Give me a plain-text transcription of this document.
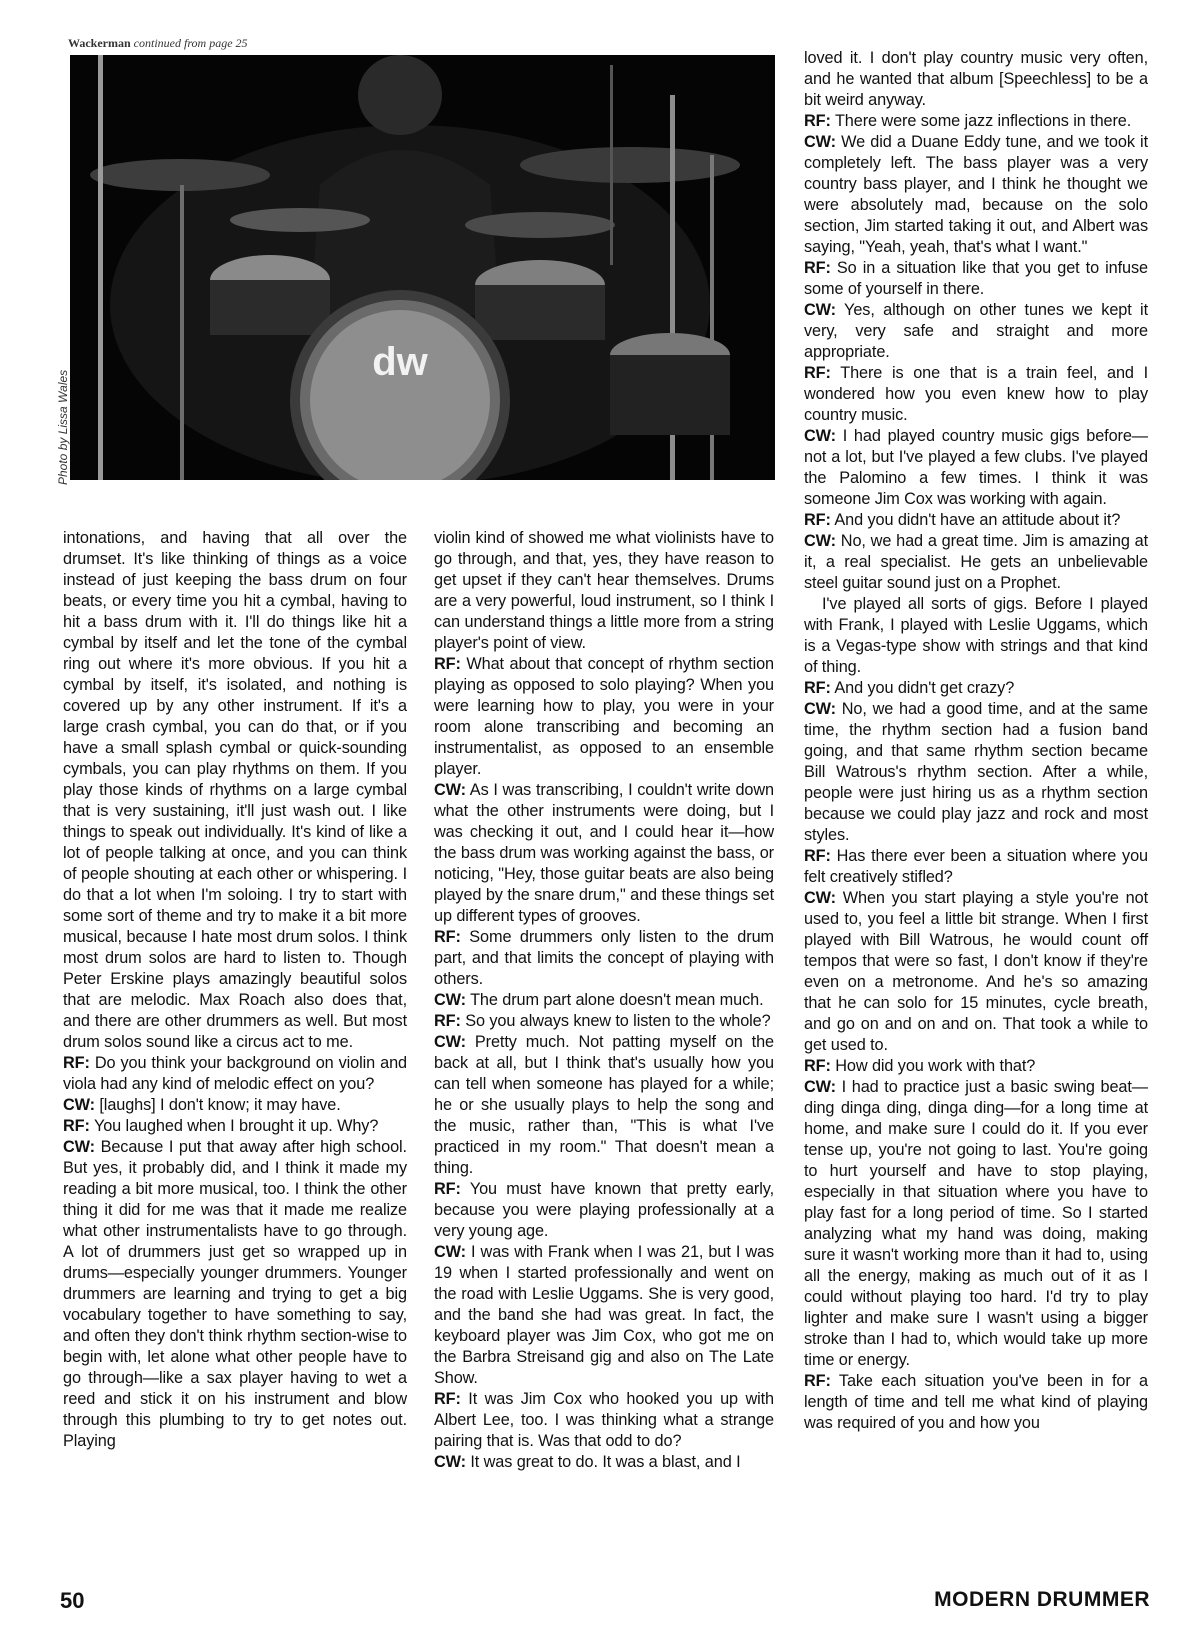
Wackerman continued from page 25
dw
Photo by Lissa Wales

intonations, and having that all over the drumset. It's like thinking of things as a voice instead of just keeping the bass drum on four beats, or every time you hit a cymbal, having to hit a bass drum with it. I'll do things like hit a cymbal by itself and let the tone of the cymbal ring out where it's more obvious. If you hit a cymbal by itself, it's isolated, and nothing is covered up by any other instrument. If it's a large crash cymbal, you can do that, or if you have a small splash cymbal or quick-sounding cymbals, you can play rhythms on them. If you play those kinds of rhythms on a large cymbal that is very sustaining, it'll just wash out. I like things to speak out individually. It's kind of like a lot of people talking at once, and you can think of people shouting at each other or whispering. I do that a lot when I'm soloing. I try to start with some sort of theme and try to make it a bit more musical, because I hate most drum solos. I think most drum solos are hard to listen to. Though Peter Erskine plays amazingly beautiful solos that are melodic. Max Roach also does that, and there are other drummers as well. But most drum solos sound like a circus act to me.

RF: Do you think your background on violin and viola had any kind of melodic effect on you?

CW: [laughs] I don't know; it may have.

RF: You laughed when I brought it up. Why?

CW: Because I put that away after high school. But yes, it probably did, and I think it made my reading a bit more musical, too. I think the other thing it did for me was that it made me realize what other instrumentalists have to go through. A lot of drummers just get so wrapped up in drums—especially younger drummers. Younger drummers are learning and trying to get a big vocabulary together to have something to say, and often they don't think rhythm section-wise to begin with, let alone what other people have to go through—like a sax player having to wet a reed and stick it on his instrument and blow through this plumbing to try to get notes out. Playing

violin kind of showed me what violinists have to go through, and that, yes, they have reason to get upset if they can't hear themselves. Drums are a very powerful, loud instrument, so I think I can understand things a little more from a string player's point of view.

RF: What about that concept of rhythm section playing as opposed to solo playing? When you were learning how to play, you were in your room alone transcribing and becoming an instrumentalist, as opposed to an ensemble player.

CW: As I was transcribing, I couldn't write down what the other instruments were doing, but I was checking it out, and I could hear it—how the bass drum was working against the bass, or noticing, "Hey, those guitar beats are also being played by the snare drum," and these things set up different types of grooves.

RF: Some drummers only listen to the drum part, and that limits the concept of playing with others.

CW: The drum part alone doesn't mean much.

RF: So you always knew to listen to the whole?

CW: Pretty much. Not patting myself on the back at all, but I think that's usually how you can tell when someone has played for a while; he or she usually plays to help the song and the music, rather than, "This is what I've practiced in my room." That doesn't mean a thing.

RF: You must have known that pretty early, because you were playing professionally at a very young age.

CW: I was with Frank when I was 21, but I was 19 when I started professionally and went on the road with Leslie Uggams. She is very good, and the band she had was great. In fact, the keyboard player was Jim Cox, who got me on the Barbra Streisand gig and also on The Late Show.

RF: It was Jim Cox who hooked you up with Albert Lee, too. I was thinking what a strange pairing that is. Was that odd to do?

CW: It was great to do. It was a blast, and I

loved it. I don't play country music very often, and he wanted that album [Speechless] to be a bit weird anyway.

RF: There were some jazz inflections in there.

CW: We did a Duane Eddy tune, and we took it completely left. The bass player was a very country bass player, and I think he thought we were absolutely mad, because on the solo section, Jim started taking it out, and Albert was saying, "Yeah, yeah, that's what I want."

RF: So in a situation like that you get to infuse some of yourself in there.

CW: Yes, although on other tunes we kept it very, very safe and straight and more appropriate.

RF: There is one that is a train feel, and I wondered how you even knew how to play country music.

CW: I had played country music gigs before—not a lot, but I've played a few clubs. I've played the Palomino a few times. I think it was someone Jim Cox was working with again.

RF: And you didn't have an attitude about it?

CW: No, we had a great time. Jim is amazing at it, a real specialist. He gets an unbelievable steel guitar sound just on a Prophet.

I've played all sorts of gigs. Before I played with Frank, I played with Leslie Uggams, which is a Vegas-type show with strings and that kind of thing.

RF: And you didn't get crazy?

CW: No, we had a good time, and at the same time, the rhythm section had a fusion band going, and that same rhythm section became Bill Watrous's rhythm section. After a while, people were just hiring us as a rhythm section because we could play jazz and rock and most styles.

RF: Has there ever been a situation where you felt creatively stifled?

CW: When you start playing a style you're not used to, you feel a little bit strange. When I first played with Bill Watrous, he would count off tempos that were so fast, I don't know if they're even on a metronome. And he's so amazing that he can solo for 15 minutes, cycle breath, and go on and on and on. That took a while to get used to.

RF: How did you work with that?

CW: I had to practice just a basic swing beat—ding dinga ding, dinga ding—for a long time at home, and make sure I could do it. If you ever tense up, you're not going to last. You're going to hurt yourself and have to stop playing, especially in that situation where you have to play fast for a long period of time. So I started analyzing what my hand was doing, making sure it wasn't working more than it had to, using all the energy, making as much out of it as I could without playing too hard. I'd try to play lighter and make sure I wasn't using a bigger stroke than I had to, which would take up more time or energy.

RF: Take each situation you've been in for a length of time and tell me what kind of playing was required of you and how you

50	MODERN DRUMMER
